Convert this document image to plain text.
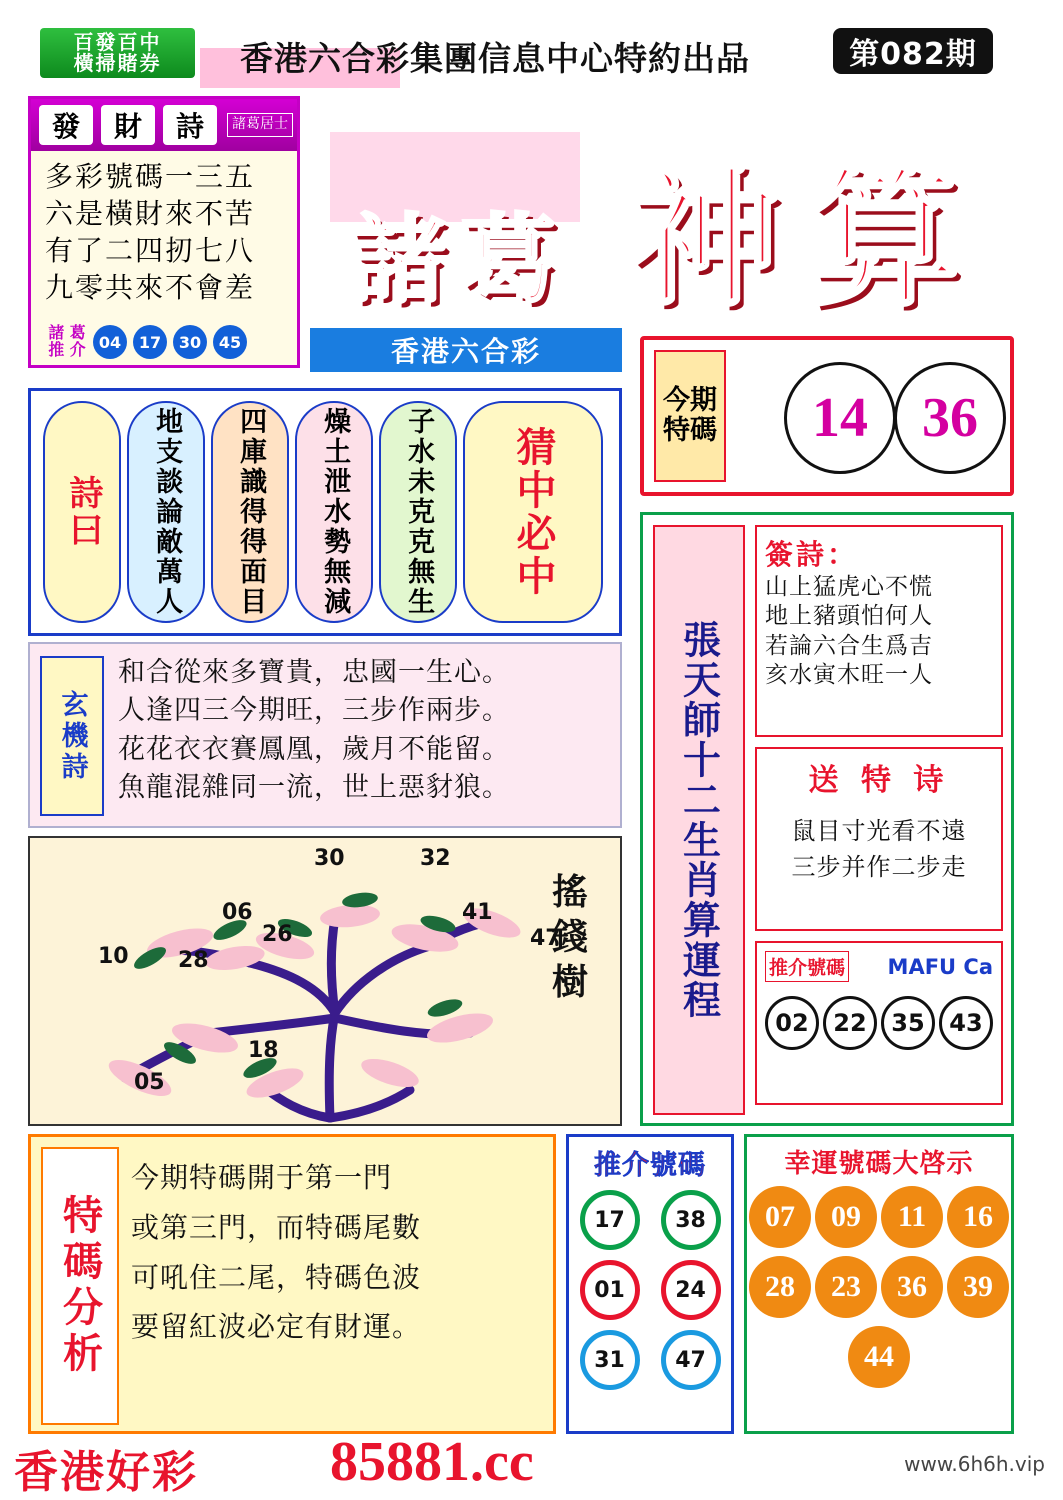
百發百中
橫掃賭券	香港六合彩集團信息中心特約出品	第082期
發	財	詩	諸葛居士
多彩號碼一三五
六是橫財來不苦
有了二四扨七八
九零共來不會差
諸 葛
推 介 04	17	30	45
諸 葛 神 算
香港六合彩
今期特碼	14 36
詩曰	地支談論敵萬人	四庫識得得面目	燥土泄水勢無減	子水未克克無生	猜中必中
玄機詩
和合從來多寶貴，忠國一生心。
人逢四三今期旺，三步作兩步。
花花衣衣賽鳳凰，歲月不能留。
魚龍混雜同一流，世上惡豺狼。
30	32
06	41
26	47
10 28
18
05
搖錢樹	張天師十二生肖算運程
簽詩：
山上猛虎心不慌
地上豬頭怕何人
若論六合生爲吉
亥水寅木旺一人
送 特 诗
鼠目寸光看不遠
三步并作二步走
推介號碼 MAFU Ca
02	22	35	43
特碼分析
今期特碼開于第一門
或第三門，而特碼尾數
可吼住二尾，特碼色波
要留紅波必定有財運。
推介號碼
17	38
01	24
31	47
幸運號碼大啓示
07	09	11	16
28	23	36	39
44
香港好彩 85881.cc	www.6h6h.vip
